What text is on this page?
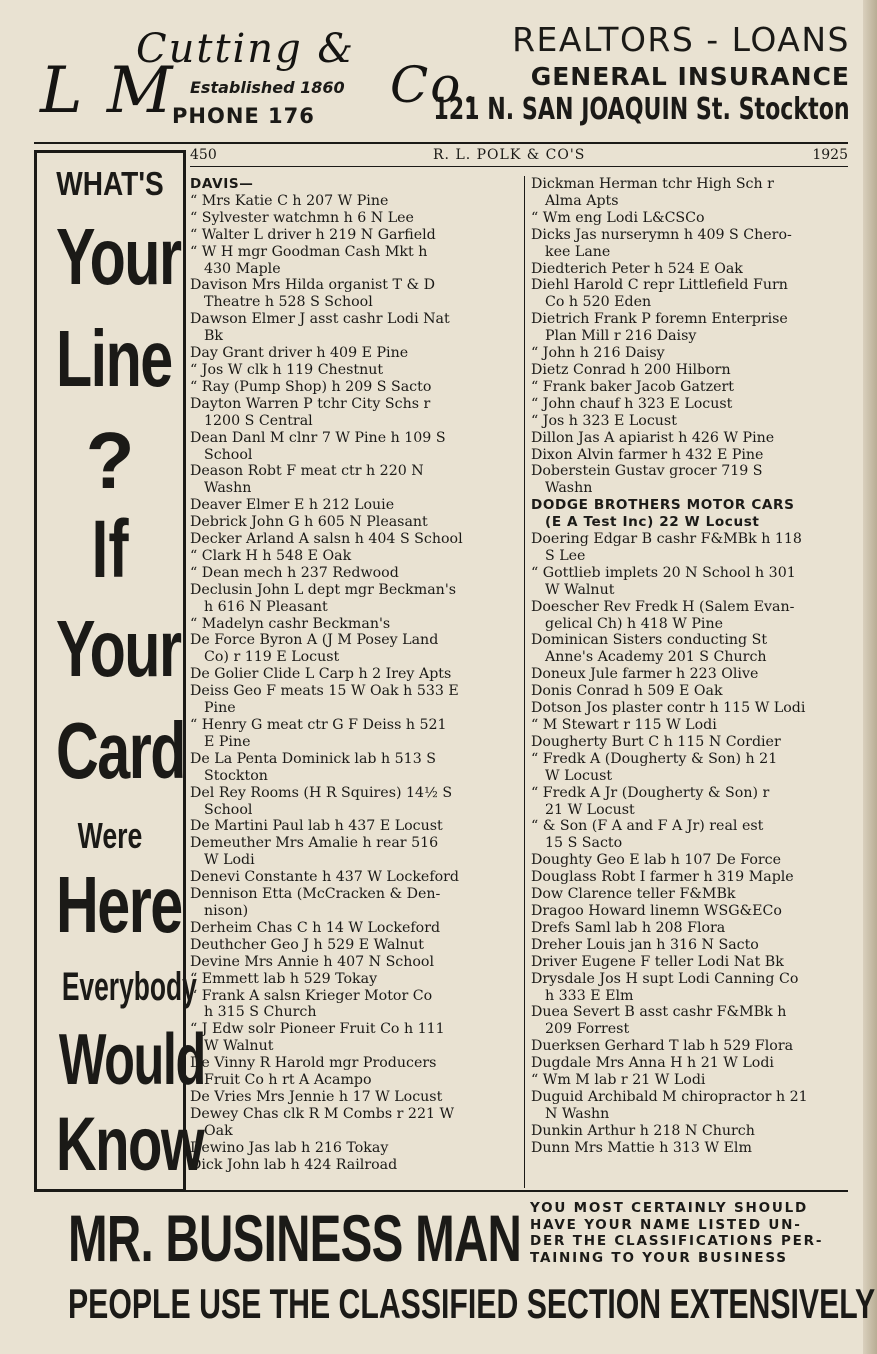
L M
Cutting &
Co.
Established 1860
PHONE 176
REALTORS - LOANS
GENERAL INSURANCE
121 N. SAN JOAQUIN St. Stockton
WHAT'S
Your
Line
?
If
Your
Card
Were
Here
Everybody
Would
Know
450	R. L. POLK & CO'S	1925
DAVIS—
“ Mrs Katie C h 207 W Pine
“ Sylvester watchmn h 6 N Lee
“ Walter L driver h 219 N Garfield
“ W H mgr Goodman Cash Mkt h
430 Maple
Davison Mrs Hilda organist T & D
Theatre h 528 S School
Dawson Elmer J asst cashr Lodi Nat
Bk
Day Grant driver h 409 E Pine
“ Jos W clk h 119 Chestnut
“ Ray (Pump Shop) h 209 S Sacto
Dayton Warren P tchr City Schs r
1200 S Central
Dean Danl M clnr 7 W Pine h 109 S
School
Deason Robt F meat ctr h 220 N
Washn
Deaver Elmer E h 212 Louie
Debrick John G h 605 N Pleasant
Decker Arland A salsn h 404 S School
“ Clark H h 548 E Oak
“ Dean mech h 237 Redwood
Declusin John L dept mgr Beckman's
h 616 N Pleasant
“ Madelyn cashr Beckman's
De Force Byron A (J M Posey Land
Co) r 119 E Locust
De Golier Clide L Carp h 2 Irey Apts
Deiss Geo F meats 15 W Oak h 533 E
Pine
“ Henry G meat ctr G F Deiss h 521
E Pine
De La Penta Dominick lab h 513 S
Stockton
Del Rey Rooms (H R Squires) 14½ S
School
De Martini Paul lab h 437 E Locust
Demeuther Mrs Amalie h rear 516
W Lodi
Denevi Constante h 437 W Lockeford
Dennison Etta (McCracken & Den-
nison)
Derheim Chas C h 14 W Lockeford
Deuthcher Geo J h 529 E Walnut
Devine Mrs Annie h 407 N School
“ Emmett lab h 529 Tokay
“ Frank A salsn Krieger Motor Co
h 315 S Church
“ J Edw solr Pioneer Fruit Co h 111
W Walnut
De Vinny R Harold mgr Producers
Fruit Co h rt A Acampo
De Vries Mrs Jennie h 17 W Locust
Dewey Chas clk R M Combs r 221 W
Oak
Dewino Jas lab h 216 Tokay
Dick John lab h 424 Railroad
Dickman Herman tchr High Sch r
Alma Apts
“ Wm eng Lodi L&CSCo
Dicks Jas nurserymn h 409 S Chero-
kee Lane
Diedterich Peter h 524 E Oak
Diehl Harold C repr Littlefield Furn
Co h 520 Eden
Dietrich Frank P foremn Enterprise
Plan Mill r 216 Daisy
“ John h 216 Daisy
Dietz Conrad h 200 Hilborn
“ Frank baker Jacob Gatzert
“ John chauf h 323 E Locust
“ Jos h 323 E Locust
Dillon Jas A apiarist h 426 W Pine
Dixon Alvin farmer h 432 E Pine
Doberstein Gustav grocer 719 S
Washn
DODGE BROTHERS MOTOR CARS
(E A Test Inc) 22 W Locust
Doering Edgar B cashr F&MBk h 118
S Lee
“ Gottlieb implets 20 N School h 301
W Walnut
Doescher Rev Fredk H (Salem Evan-
gelical Ch) h 418 W Pine
Dominican Sisters conducting St
Anne's Academy 201 S Church
Doneux Jule farmer h 223 Olive
Donis Conrad h 509 E Oak
Dotson Jos plaster contr h 115 W Lodi
“ M Stewart r 115 W Lodi
Dougherty Burt C h 115 N Cordier
“ Fredk A (Dougherty & Son) h 21
W Locust
“ Fredk A Jr (Dougherty & Son) r
21 W Locust
“ & Son (F A and F A Jr) real est
15 S Sacto
Doughty Geo E lab h 107 De Force
Douglass Robt I farmer h 319 Maple
Dow Clarence teller F&MBk
Dragoo Howard linemn WSG&ECo
Drefs Saml lab h 208 Flora
Dreher Louis jan h 316 N Sacto
Driver Eugene F teller Lodi Nat Bk
Drysdale Jos H supt Lodi Canning Co
h 333 E Elm
Duea Severt B asst cashr F&MBk h
209 Forrest
Duerksen Gerhard T lab h 529 Flora
Dugdale Mrs Anna H h 21 W Lodi
“ Wm M lab r 21 W Lodi
Duguid Archibald M chiropractor h 21
N Washn
Dunkin Arthur h 218 N Church
Dunn Mrs Mattie h 313 W Elm
MR. BUSINESS MAN YOU MOST CERTAINLY SHOULD
HAVE YOUR NAME LISTED UN-
DER THE CLASSIFICATIONS PER-
TAINING TO YOUR BUSINESS
PEOPLE USE THE CLASSIFIED SECTION EXTENSIVELY
